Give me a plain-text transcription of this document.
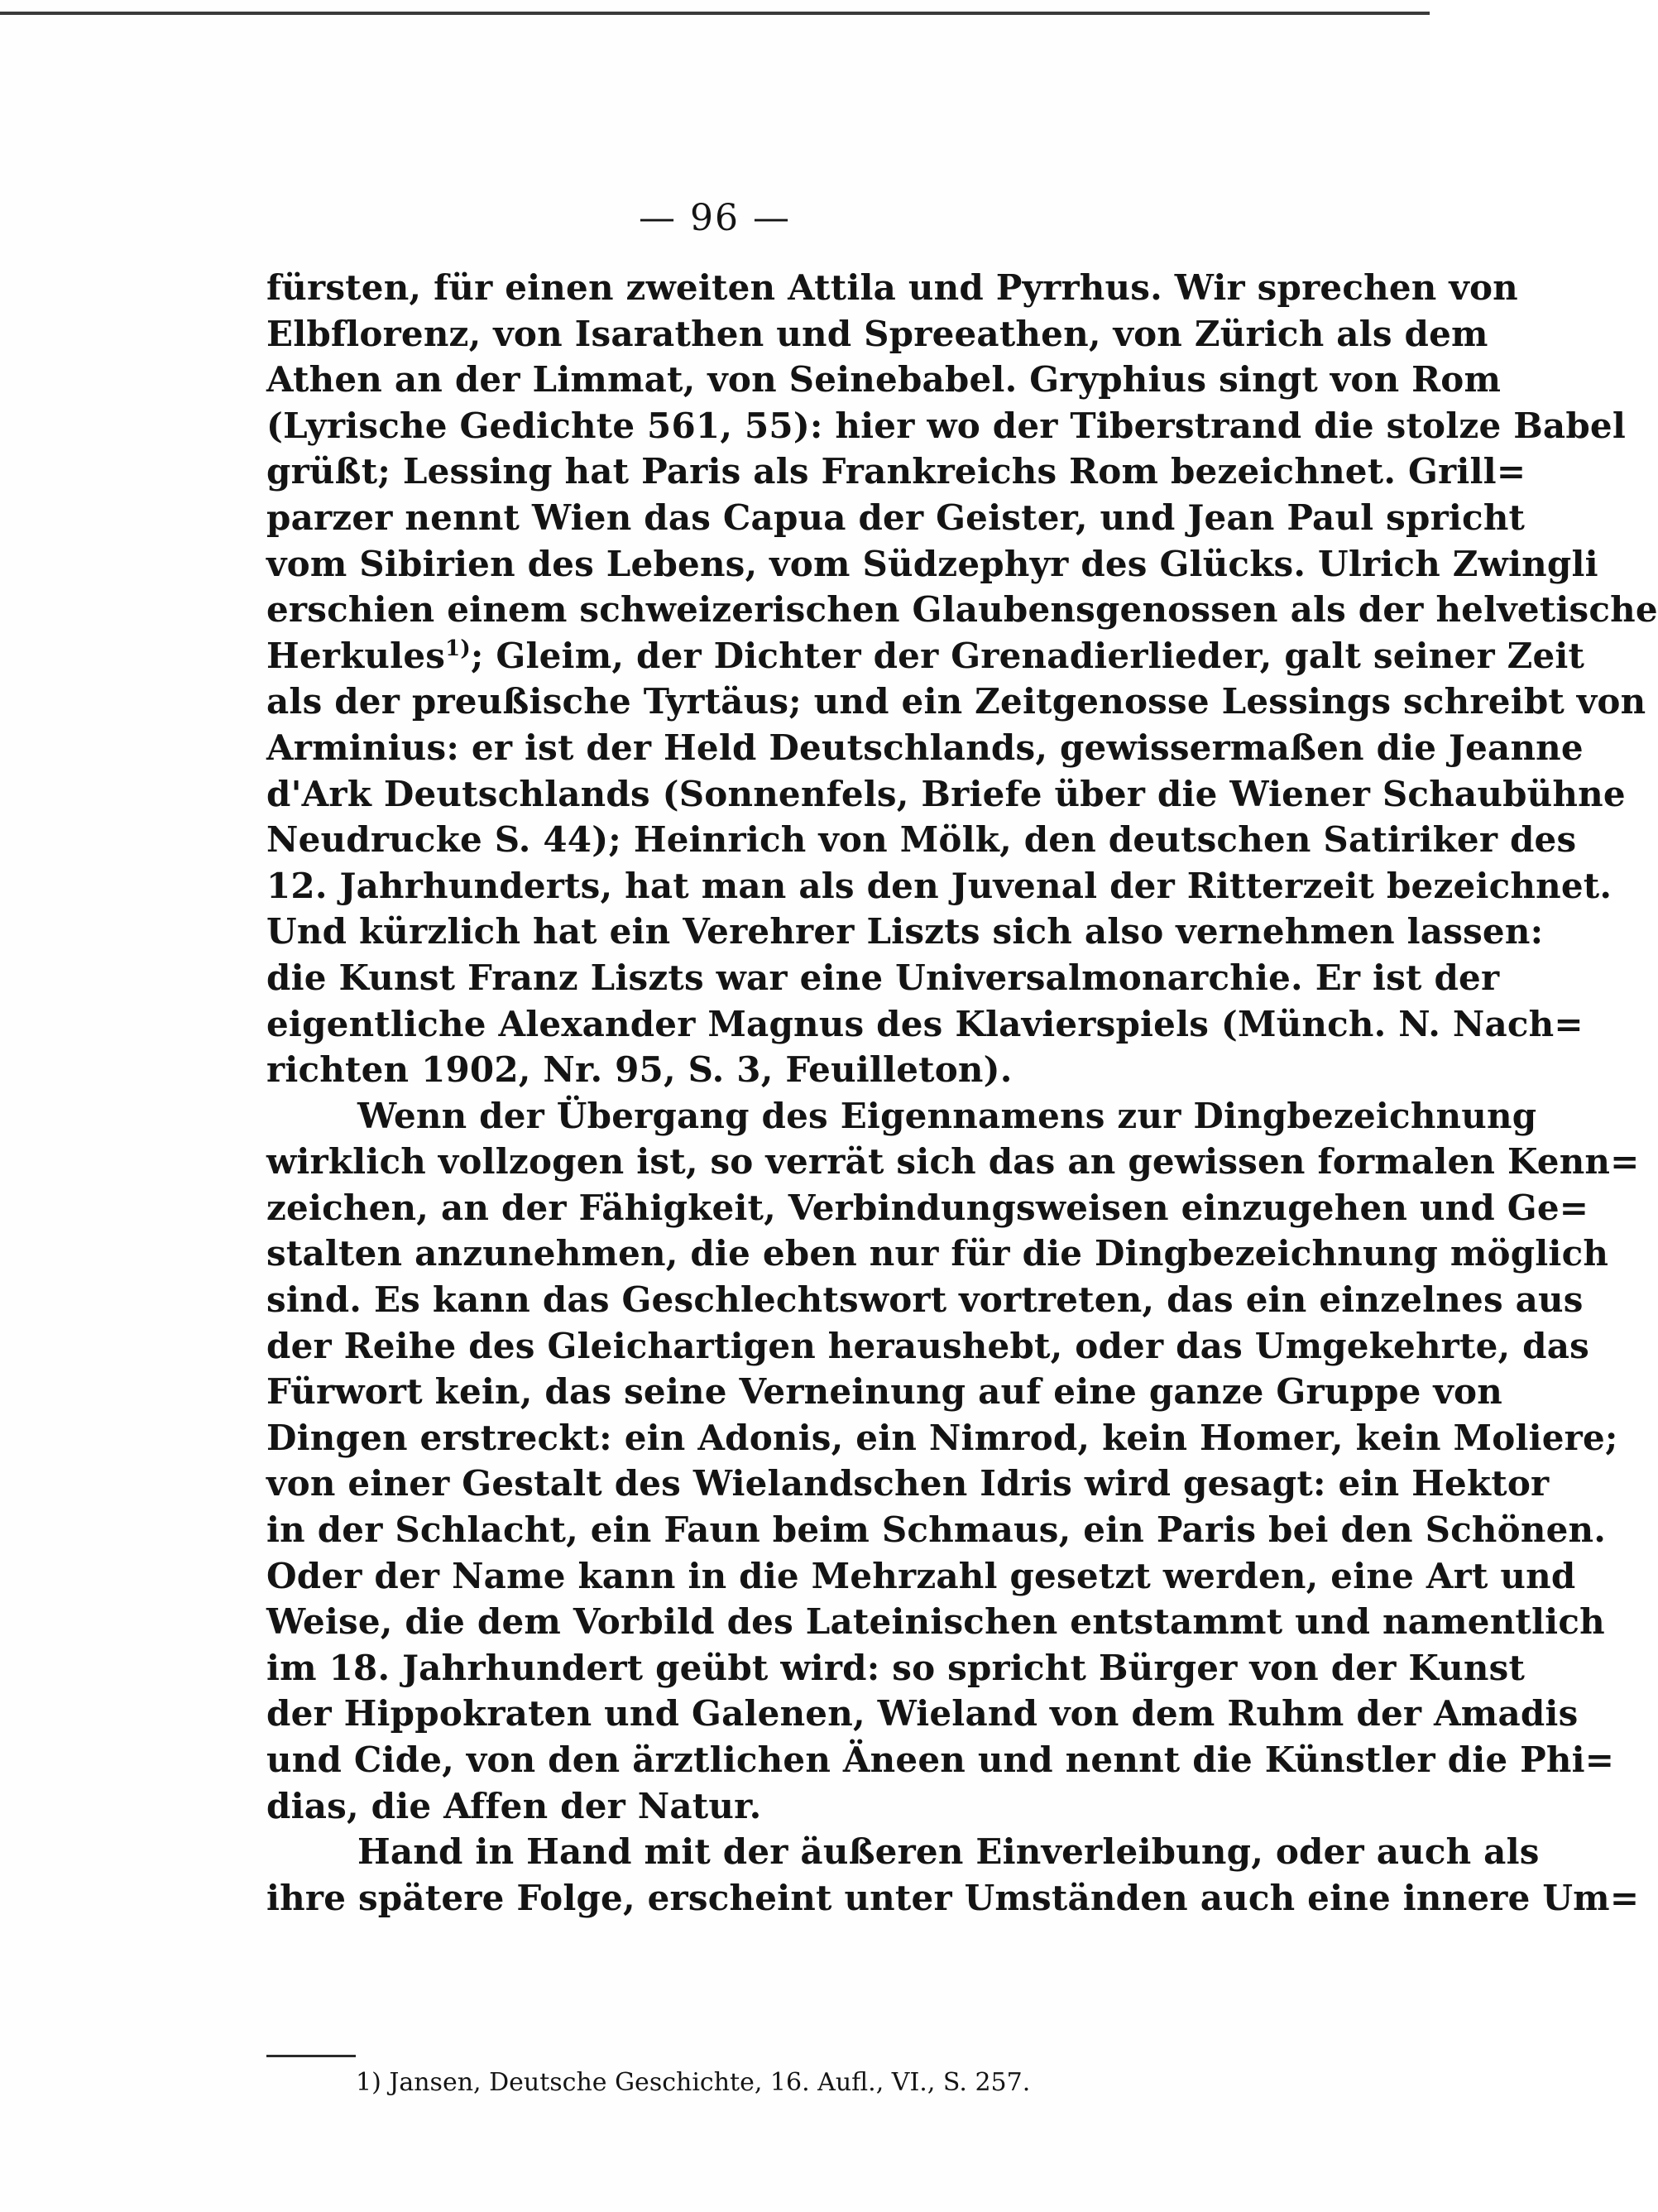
— 96 —
fürsten, für einen zweiten Attila und Pyrrhus. Wir sprechen von
Elbflorenz, von Isarathen und Spreeathen, von Zürich als dem
Athen an der Limmat, von Seinebabel. Gryphius singt von Rom
(Lyrische Gedichte 561, 55): hier wo der Tiberstrand die stolze Babel
grüßt; Lessing hat Paris als Frankreichs Rom bezeichnet. Grill=
parzer nennt Wien das Capua der Geister, und Jean Paul spricht
vom Sibirien des Lebens, vom Südzephyr des Glücks. Ulrich Zwingli
erschien einem schweizerischen Glaubensgenossen als der helvetische
Herkules$^{1)}$; Gleim, der Dichter der Grenadierlieder, galt seiner Zeit
als der preußische Tyrtäus; und ein Zeitgenosse Lessings schreibt von
Arminius: er ist der Held Deutschlands, gewissermaßen die Jeanne
d'Ark Deutschlands (Sonnenfels, Briefe über die Wiener Schaubühne
Neudrucke S. 44); Heinrich von Mölk, den deutschen Satiriker des
12. Jahrhunderts, hat man als den Juvenal der Ritterzeit bezeichnet.
Und kürzlich hat ein Verehrer Liszts sich also vernehmen lassen:
die Kunst Franz Liszts war eine Universalmonarchie. Er ist der
eigentliche Alexander Magnus des Klavierspiels (Münch. N. Nach=
richten 1902, Nr. 95, S. 3, Feuilleton).
Wenn der Übergang des Eigennamens zur Dingbezeichnung
wirklich vollzogen ist, so verrät sich das an gewissen formalen Kenn=
zeichen, an der Fähigkeit, Verbindungsweisen einzugehen und Ge=
stalten anzunehmen, die eben nur für die Dingbezeichnung möglich
sind. Es kann das Geschlechtswort vortreten, das ein einzelnes aus
der Reihe des Gleichartigen heraushebt, oder das Umgekehrte, das
Fürwort kein, das seine Verneinung auf eine ganze Gruppe von
Dingen erstreckt: ein Adonis, ein Nimrod, kein Homer, kein Moliere;
von einer Gestalt des Wielandschen Idris wird gesagt: ein Hektor
in der Schlacht, ein Faun beim Schmaus, ein Paris bei den Schönen.
Oder der Name kann in die Mehrzahl gesetzt werden, eine Art und
Weise, die dem Vorbild des Lateinischen entstammt und namentlich
im 18. Jahrhundert geübt wird: so spricht Bürger von der Kunst
der Hippokraten und Galenen, Wieland von dem Ruhm der Amadis
und Cide, von den ärztlichen Äneen und nennt die Künstler die Phi=
dias, die Affen der Natur.
Hand in Hand mit der äußeren Einverleibung, oder auch als
ihre spätere Folge, erscheint unter Umständen auch eine innere Um=
1) Jansen, Deutsche Geschichte, 16. Aufl., VI., S. 257.
